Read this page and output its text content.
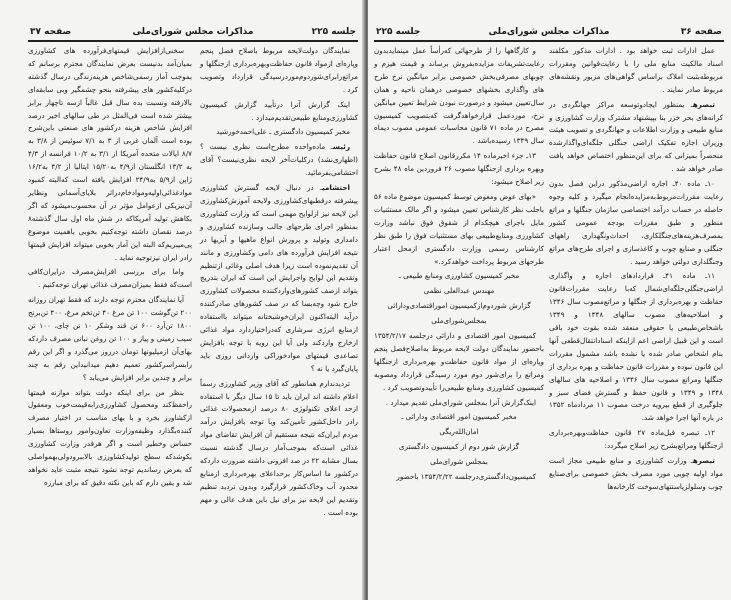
جلسه ۲۲۵
مذاکرات مجلس شورای‌ملی
صفحه ۳۷

نمایندگان دولت‌لایحه مربوط باصلاح فصل پنجم وپاره‌ای ازمواد قانون حفاظت‌وبهره‌برداری ازجنگلها و مراتع‌رابرای‌شوردوم‌موردرسیدگی قرارداد وتصویب کرد .

اینک گزارش آنرا درتأیید گزارش کمیسیون کشاورزی‌ومنابع طبیعی‌تقدیم‌میدارد .

مخبر کمیسیون دادگستری ـ علی‌احمدخورشید

رئیسـ ماده‌واحده مطرح‌است نظری نیست ؟ (اظهاری‌نشد) درکلیات‌آخر لایحه نظری‌نیست؟ آقای احتشامی‌بفرمائید.

احتشامیـ در دنبال لایحه گسترش کشاورزی پیشرفته درقطبهای‌کشاورزی ولایحه آموزش‌کشاورزی این لایحه نیز ازلوایح مهمی است که وزارت کشاورزی بمنظور اجرای طرحهای جالب وسازنده کشاورزی و دامداری وتولید و پرورش انواع ماهیها و آبزیها در نتیجه افزایش فرآورده های دامی وکشاورزی و مانند آن تقدیم‌نموده است زیرا هدف اصلی وغائی ازتنظیم وتقدیم این لوایح واجرایش این است که ایران بتدریج بتواند ازصف کشورهای‌واردکننده محصولات کشاورزی خارج شود وچه‌بسا که در صف کشورهای صادرکننده درآید البته‌اکنون ایران‌خوشبختانه میتواند بااستفاده ازمنابع انرژی سرشاری که‌دراختیاردارد مواد غذائی ازخارج واردکند ولی آیا این رویه با توجه بافزایش تصاعدی قیمتهای موادخوراکی وارداتی روزی باید پایان‌گیرد یا نه ؟

تردیدندارم همانطور که آقای وزیر کشاورزی رسماً اعلام داشته اند ایران باید تا ۱۵ سال دیگر با استفاده ازحد اعلای تکنولوژی ۸۰ درصد ازمحصولات غذائی رادر داخل‌کشور تأمین‌کند وبا توجه بافزایش درآمد مردم ایران‌که نتیجه مستقیم آن افزایش تقاضای مواد غذائی است‌که بموجب‌آمار درسال گذشته نسبت بسال مشابه ۲۲ در صد افزونی داشته ضرورت داردکه درکشور ما اساس‌کار برحداعلای بهره‌برداری ازمنابع محدود آب وخاک‌کشور قرارگیرد وبدون تردید تنظیم وتقدیم این لایحه نیز برای نیل باین هدف عالی و مهم بوده است .

سخنی‌ازافزایش قیمتهای‌فرآورده های کشاورزی بمیان‌آمد بدنیست بعرض نمایندگان محترم برسانم که بموجب آمار رسمی‌شاخص هزینه‌زندگی درسال گذشته درکلیه‌کشور های پیشرفته بنحو چشمگیر وبی سابقه‌ای بالارفته ونسبت بده سال قبل غالباً ازسه تاچهار برابر بیشتر شده است فی‌المثل در طی سالهای اخیر درصد افزایش شاخص هزینه درکشور های صنعتی باین‌شرح بوده است آلمان غربی از ۳ به ۷/۱ سوئیس از ۳/۸ به ۸/۷ ایالات متحده آمریکا از ۳/۱ به ۱۰/۲ فرانسه از ۴/۳ به ۱۳/۲ انگلستان از۴/۹ به۱۵/۲۰ ایتالیا از ۴/۲ به۱۶/۲ ژاپن از۵/۹ به۲۴/۹ افزایش یافته است که‌البته کمبود موادغذائی‌اولیه‌وموادخام‌دراثر بلایای‌آسمانی ونظایر آن‌نیزیکی ازعوامل مؤثر در آن محسوب‌میشود که اگر بکاهش تولید آمریکاکه در شش ماه اول سال گذشته‌۸ درصد نقصان داشته توجه‌کنیم بخوبی باهمیت موضوع پی‌میبریم‌که البته این آمار بخوبی میتواند افزایش قیمتها رادر ایران نیزتوجیه نماید .

واما برای بررسی افزایش‌مصرف درایران‌کافی است‌که فقط بمیزان‌مصرف غذائی تهران توجه‌کنیم .

آیا نمایندگان محترم توجه دارند که فقط تهران روزانه ۲۰۰ تن‌گوشت ۱۰۰ تن مرغ ۴۰ تن‌تخم مرغ، ۴۰۰ تن‌برنج ۱۸۰۰ تن‌آرد ۶۰۰ تن قند وشکر ۱۰ تن چای، ۱۰۰ تن سیب زمینی و پیاز و ۱۰۰ تن روغن نباتی مصرف داردکه بهای‌آن ازمیلیونها تومان درروز می‌گذرد و اگر این رقم رابسراسرکشور تعمیم دهیم میدانیداین رقم به چند برابر و چندین برابر افزایش می‌یابد ؟

بنظر من برای اینکه دولت بتواند موازنه قیمتها راحفظ‌کند ومحصول کشاورزی‌رابه‌قیمت‌خوب ومعقول ازکشاورز بخرد و با بهای مناسب در اختیار مصرف کننده‌بگذارد وظیفه‌وزارت تعاون‌وامور روستاها بسیار حساس وخطیر است و اگر هرقدر وزارت کشاورزی بکوشدکه سطح تولیدکشاورزی بالاببرودولی‌بهمواصلی که بعرض رساندیم توجه نشود نتیجه مثبت عاید نخواهد شد و یقین دارم که باین نکته دقیق که برای مبارزه

صفحه ۳۶
مذاکرات مجلس شورای‌ملی
جلسه ۲۲۵

عمل ادارات ثبت خواهد بود . ادارات مذکور مکلفند اسناد مالکیت منابع ملی را با رعایت‌قوانین ومقررات مربوطه‌بثبت املاک براساس گواهی‌های مزبور ونقشه‌های مربوط صادر نمایند .

تبصرهـ بمنظور ایجادوتوسعه مراکز جهانگردی در کرانه‌های بحر خزر بنا بپیشنهاد مشترک وزارت کشاورزی و منابع طبیعی و وزارت اطلاعات و جهانگردی و تصویب هیئت وزیران اجازه تفکیک اراضی جنگلی جلگه‌ای‌واگذارشده منحصراً بمیزانی که برای این‌منظور اختصاص خواهد یافت صادر خواهد شد .

۱۰ـ ماده ۴۰ـ اجاره اراضی‌مذکور دراین فصل بدون رعایت مقررات‌مربوط‌به‌مزایده‌انجام میگیرد و کلیه وجوه حاصله در حساب درآمد اختصاصی سازمان جنگلها و مراتع منظور و طبق مقررات بودجه عمومی کشور بمصرف‌هزینه‌های‌جنگلکاری، احداث‌ونگهداری راههای جنگلی و صنایع چوب و کاغذسازی و اجرای طرح‌های مراتع وجنگلداری دولتی خواهد رسید .

۱۱ـ ماده ۴۱ـ قراردادهای اجاره و واگذاری اراضی‌جنگلی‌جلگه‌ای‌شمال که‌با رعایت مقررات‌قانون حفاظت و بهره‌برداری از جنگلها و مراتع‌مصوب سال ۱۳۴۶ و اصلاحیه‌های مصوب سالهای ۱۳۴۸ و ۱۳۴۹ باشخاص‌طبیعی یا حقوقی منعقد شده بقوت خود باقی است و این قبیل اراضی اعم ازاینکه اسنادانتقال‌قطعی آنها بنام اشخاص صادر شده یا نشده باشد مشمول مقررات این قانون نبوده و مقررات قانون حفاظت و بهره برداری از جنگلها ومراتع مصوب سال ۱۳۴۶ و اصلاحیه های سالهای ۱۳۴۸ و ۱۳۴۹ و قانون حفظ و گسترش فضای سبز و جلوگیری از قطع بیرویه درخت مصوب ۱۱ مردادماه ۱۳۵۲ در باره آنها اجرا خواهد شد.

۱۲ـ تبصره قبل‌ماده ۲۷ قانون حفاظت‌وبهره‌برداری ازجنگلها ومراتع‌بشرح زیر اصلاح میگردد:

تبصرهـ وزارت کشاورزی و منابع طبیعی مجاز است مواد اولیه چوبی مورد مصرف بخش خصوصی برای‌صنایع چوب وسلولزیاسنتهای‌سوخت کارخانه‌ها

و کارگاهها را از طرحهائی که‌رأساً عمل مینماید‌بدون رعایت‌تشریفات مزایده‌بفروش برساند و قیمت هیزم و چوبهای مصرفی‌بخش خصوصی برابر میانگین نرخ طرح های واگذاری بخشهای خصوصی درهمان ناحیه و همان سال‌تعیین میشود و درصورت نبودن شرایط تعیین میانگین نرخ، موردعمل قرارخواهدگرفت که‌بتصویب کمیسیون مصرح در ماده ۷۱ قانون محاسبات عمومی مصوب دیماه سال ۱۳۴۹ رسیده‌باشد .

۱۳ـ جزء اخیرماده ۱۴ مکررقانون اصلاح قانون حفاظت وبهره برداری ازجنگلها مصوب ۲۶ فروردین ماه ۴۸ بشرح زیر اصلاح میشود:

«بهای عوض ومعوض توسط کمیسیون موضوع ماده ۵۶ باجلب نظر کارشناس تعیین میشود و اگر مالک مستثنیات مایل باجرای هیچکدام از شقوق فوق نباشد وزارت کشاورزی ومنابع‌طبیعی بهای مستثنیات فوق را طبق نظر کارشناس رسمی وزارت دادگستری ازمحل اعتبار طرحهای مربوط پرداخت خواهدکرد.»

مخبر کمیسیون کشاورزی ومنابع طبیعی ـ

مهندس عبدالعلی نظمی

گزارش شوردوم‌ازکمیسیون اموراقتصادی‌ودارائی

بمجلس‌شورای‌ملی

کمیسیون امور اقتصادی و دارائی درجلسه ۱۳۵۴/۲/۱۷ باحضور نمایندگان دولت لایحه مربوط به‌اصلاح‌فصل پنجم وپاره‌ای از مواد قانون حفاظت‌و بهره‌برداری ازجنگلها ومراتع را برای‌شور دوم مورد رسیدگی قرارداد ومصوبه کمیسیون کشاورزی ومنابع طبیعی‌را تأیید‌وتصویب کرد .

اینک‌گزارش آنرا بمجلس شورای‌ملی تقدیم میدارد .

مخبر کمیسیون امور اقتصادی ودارائی ـ

امان‌الله‌ریگی

گزارش شور دوم از کمیسیون دادگستری

بمجلس شورای‌ملی

کمیسیون‌دادگستری‌درجلسه ۱۳۵۴/۲/۲۲ باحضور
